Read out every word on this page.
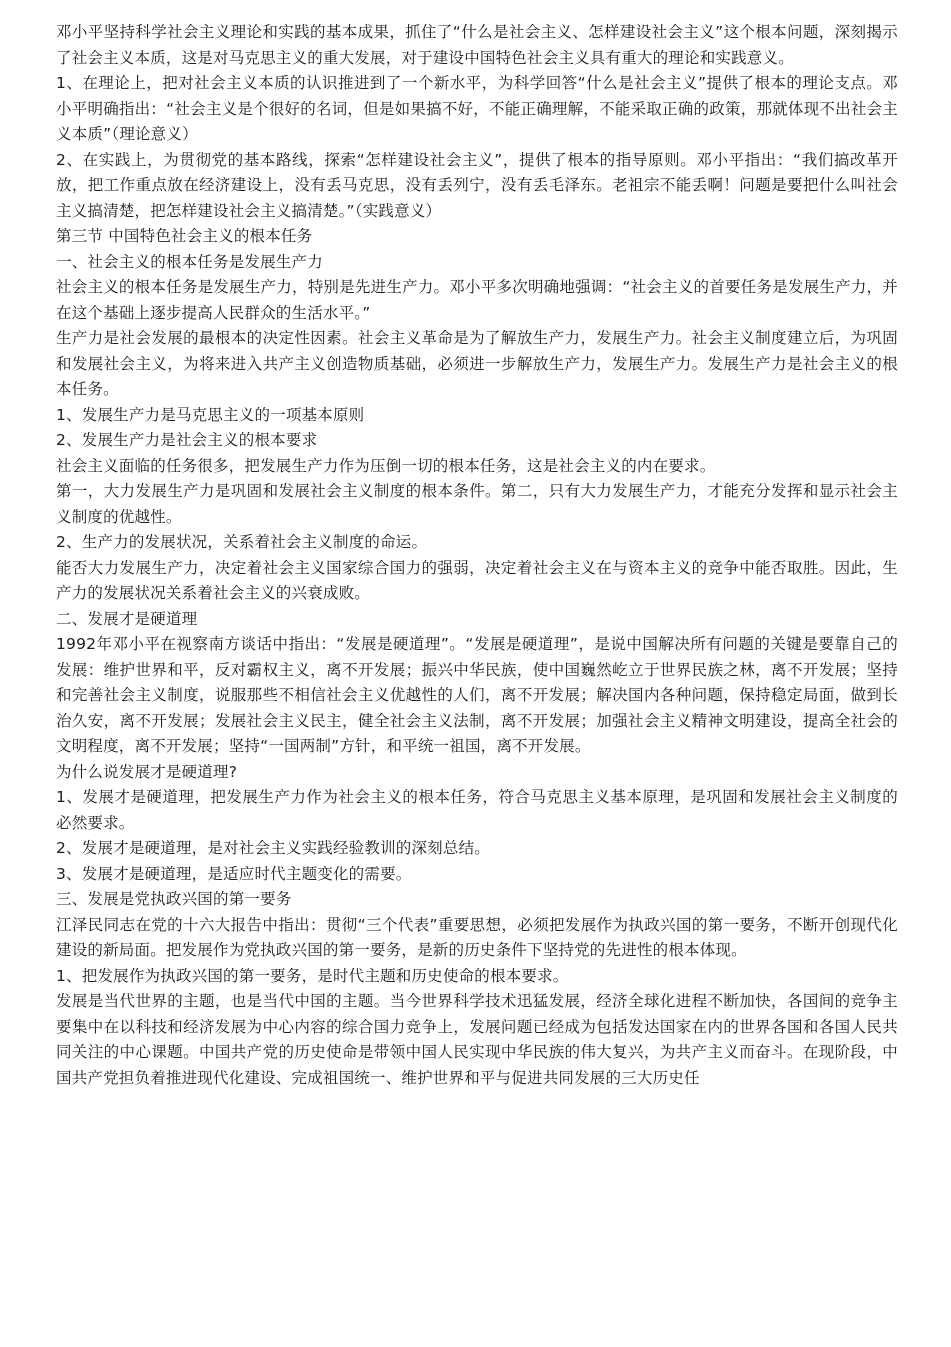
邓小平坚持科学社会主义理论和实践的基本成果，抓住了“什么是社会主义、怎样建设社会主义”这个根本问题，深刻揭示了社会主义本质，这是对马克思主义的重大发展，对于建设中国特色社会主义具有重大的理论和实践意义。

1、在理论上，把对社会主义本质的认识推进到了一个新水平，为科学回答“什么是社会主义”提供了根本的理论支点。邓小平明确指出：“社会主义是个很好的名词，但是如果搞不好，不能正确理解，不能采取正确的政策，那就体现不出社会主义本质”（理论意义）

2、在实践上，为贯彻党的基本路线，探索“怎样建设社会主义”，提供了根本的指导原则。邓小平指出：“我们搞改革开放，把工作重点放在经济建设上，没有丢马克思，没有丢列宁，没有丢毛泽东。老祖宗不能丢啊！问题是要把什么叫社会主义搞清楚，把怎样建设社会主义搞清楚。”（实践意义）

第三节 中国特色社会主义的根本任务

一、社会主义的根本任务是发展生产力

社会主义的根本任务是发展生产力，特别是先进生产力。邓小平多次明确地强调：“社会主义的首要任务是发展生产力，并在这个基础上逐步提高人民群众的生活水平。”

生产力是社会发展的最根本的决定性因素。社会主义革命是为了解放生产力，发展生产力。社会主义制度建立后，为巩固和发展社会主义，为将来进入共产主义创造物质基础，必须进一步解放生产力，发展生产力。发展生产力是社会主义的根本任务。

1、发展生产力是马克思主义的一项基本原则

2、发展生产力是社会主义的根本要求

社会主义面临的任务很多，把发展生产力作为压倒一切的根本任务，这是社会主义的内在要求。

第一，大力发展生产力是巩固和发展社会主义制度的根本条件。第二，只有大力发展生产力，才能充分发挥和显示社会主义制度的优越性。

2、生产力的发展状况，关系着社会主义制度的命运。

能否大力发展生产力，决定着社会主义国家综合国力的强弱，决定着社会主义在与资本主义的竞争中能否取胜。因此，生产力的发展状况关系着社会主义的兴衰成败。

二、发展才是硬道理

1992年邓小平在视察南方谈话中指出：“发展是硬道理”。“发展是硬道理”，是说中国解决所有问题的关键是要靠自己的发展：维护世界和平，反对霸权主义，离不开发展；振兴中华民族，使中国巍然屹立于世界民族之林，离不开发展；坚持和完善社会主义制度，说服那些不相信社会主义优越性的人们，离不开发展；解决国内各种问题，保持稳定局面，做到长治久安，离不开发展；发展社会主义民主，健全社会主义法制，离不开发展；加强社会主义精神文明建设，提高全社会的文明程度，离不开发展；坚持“一国两制”方针，和平统一祖国，离不开发展。

为什么说发展才是硬道理?

1、发展才是硬道理，把发展生产力作为社会主义的根本任务，符合马克思主义基本原理，是巩固和发展社会主义制度的必然要求。

2、发展才是硬道理，是对社会主义实践经验教训的深刻总结。

3、发展才是硬道理，是适应时代主题变化的需要。

三、发展是党执政兴国的第一要务

江泽民同志在党的十六大报告中指出：贯彻“三个代表”重要思想，必须把发展作为执政兴国的第一要务，不断开创现代化建设的新局面。把发展作为党执政兴国的第一要务，是新的历史条件下坚持党的先进性的根本体现。

1、把发展作为执政兴国的第一要务，是时代主题和历史使命的根本要求。

发展是当代世界的主题，也是当代中国的主题。当今世界科学技术迅猛发展，经济全球化进程不断加快，各国间的竞争主要集中在以科技和经济发展为中心内容的综合国力竞争上，发展问题已经成为包括发达国家在内的世界各国和各国人民共同关注的中心课题。中国共产党的历史使命是带领中国人民实现中华民族的伟大复兴，为共产主义而奋斗。在现阶段，中国共产党担负着推进现代化建设、完成祖国统一、维护世界和平与促进共同发展的三大历史任
